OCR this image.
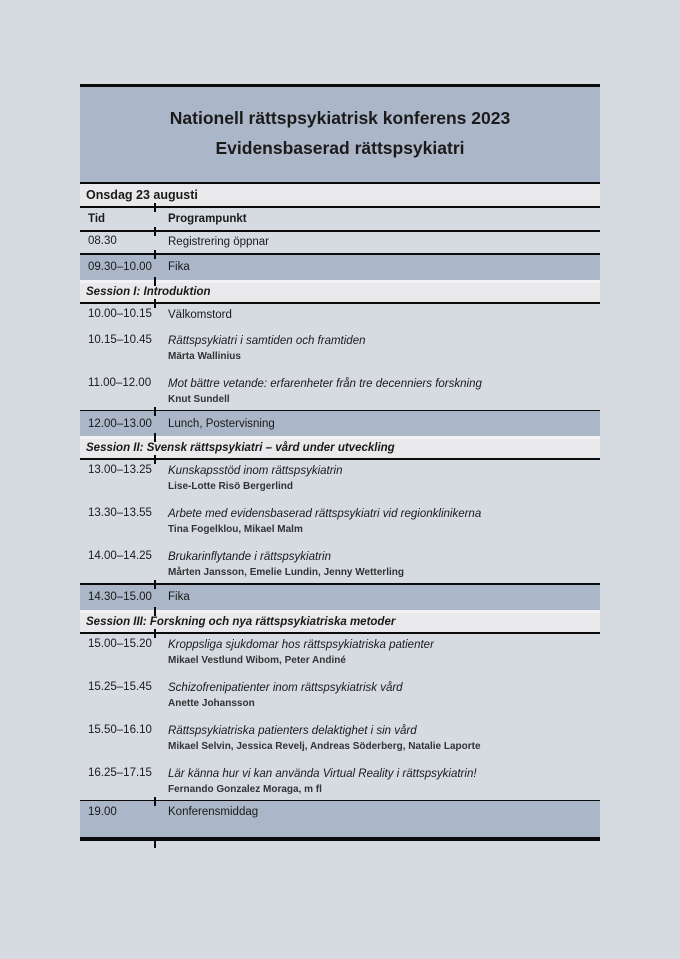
Nationell rättspsykiatrisk konferens 2023
Evidensbaserad rättspsykiatri
Onsdag 23 augusti
Tid	Programpunkt
08.30	Registrering öppnar
09.30–10.00	Fika
Session I: Introduktion
10.00–10.15 Välkomstord
10.15–10.45 Rättspsykiatri i samtiden och framtiden
Märta Wallinius
11.00–12.00	Mot bättre vetande: erfarenheter från tre decenniers forskning
Knut Sundell
12.00–13.00	Lunch, Postervisning
Session II: Svensk rättspsykiatri – vård under utveckling
13.00–13.25 Kunskapsstöd inom rättspsykiatrin
Lise-Lotte Risö Bergerlind
13.30–13.55 Arbete med evidensbaserad rättspsykiatri vid regionklinikerna
Tina Fogelklou, Mikael Malm
14.00–14.25 Brukarinflytande i rättspsykiatrin
Mårten Jansson, Emelie Lundin, Jenny Wetterling
14.30–15.00	Fika
Session III: Forskning och nya rättspsykiatriska metoder
15.00–15.20 Kroppsliga sjukdomar hos rättspsykiatriska patienter
Mikael Vestlund Wibom, Peter Andiné
15.25–15.45 Schizofrenipatienter inom rättspsykiatrisk vård
Anette Johansson
15.50–16.10 Rättspsykiatriska patienters delaktighet i sin vård
Mikael Selvin, Jessica Revelj, Andreas Söderberg, Natalie Laporte
16.25–17.15 Lär känna hur vi kan använda Virtual Reality i rättspsykiatrin!
Fernando Gonzalez Moraga, m fl
19.00	Konferensmiddag
